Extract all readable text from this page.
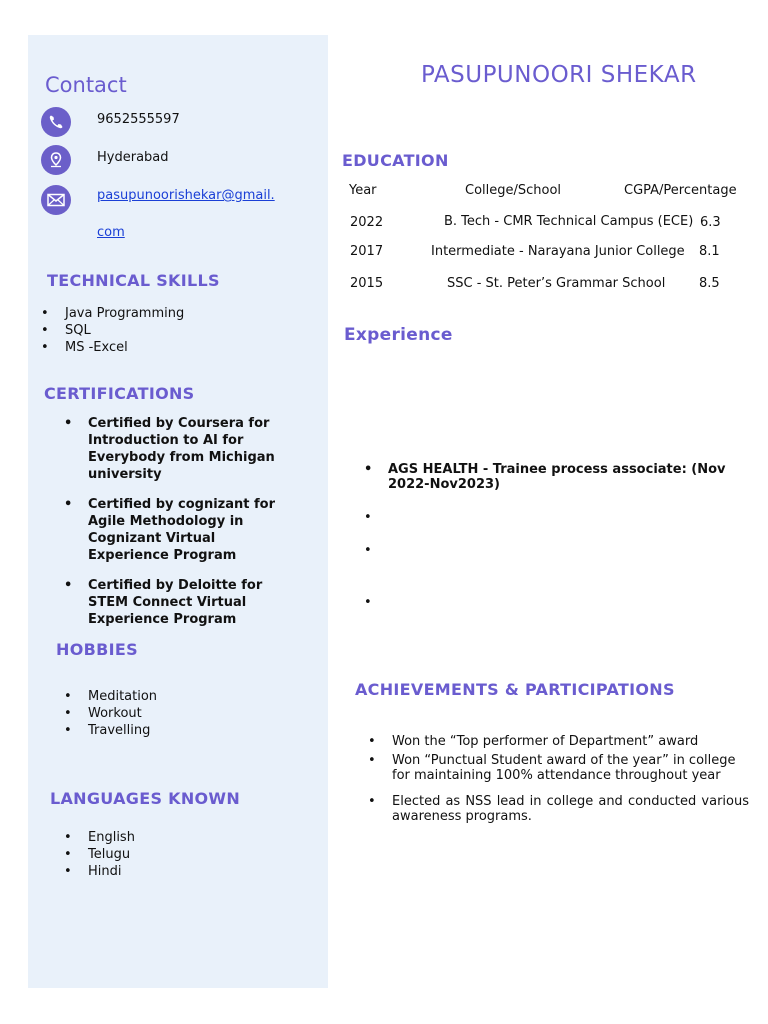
Contact
9652555597
Hyderabad
pasupunoorishekar@gmail.
com
TECHNICAL SKILLS
• Java Programming
• SQL
• MS -Excel
CERTIFICATIONS
• Certified by Coursera for Introduction to AI for Everybody from Michigan university
• Certified by cognizant for Agile Methodology in Cognizant Virtual Experience Program
• Certified by Deloitte for STEM Connect Virtual Experience Program
HOBBIES
• Meditation
• Workout
• Travelling
LANGUAGES KNOWN
• English
• Telugu
• Hindi
PASUPUNOORI SHEKAR
EDUCATION
Year	College/School	CGPA/Percentage
2022	B. Tech - CMR Technical Campus (ECE) 6.3
2017	Intermediate - Narayana Junior College 8.1
2015	SSC - St. Peter’s Grammar School	8.5
Experience
• AGS HEALTH - Trainee process associate: (Nov 2022-Nov2023)
•
•
•
ACHIEVEMENTS & PARTICIPATIONS
• Won the “Top performer of Department” award
• Won “Punctual Student award of the year” in college for maintaining 100% attendance throughout year
• Elected as NSS lead in college and conducted various awareness programs.
